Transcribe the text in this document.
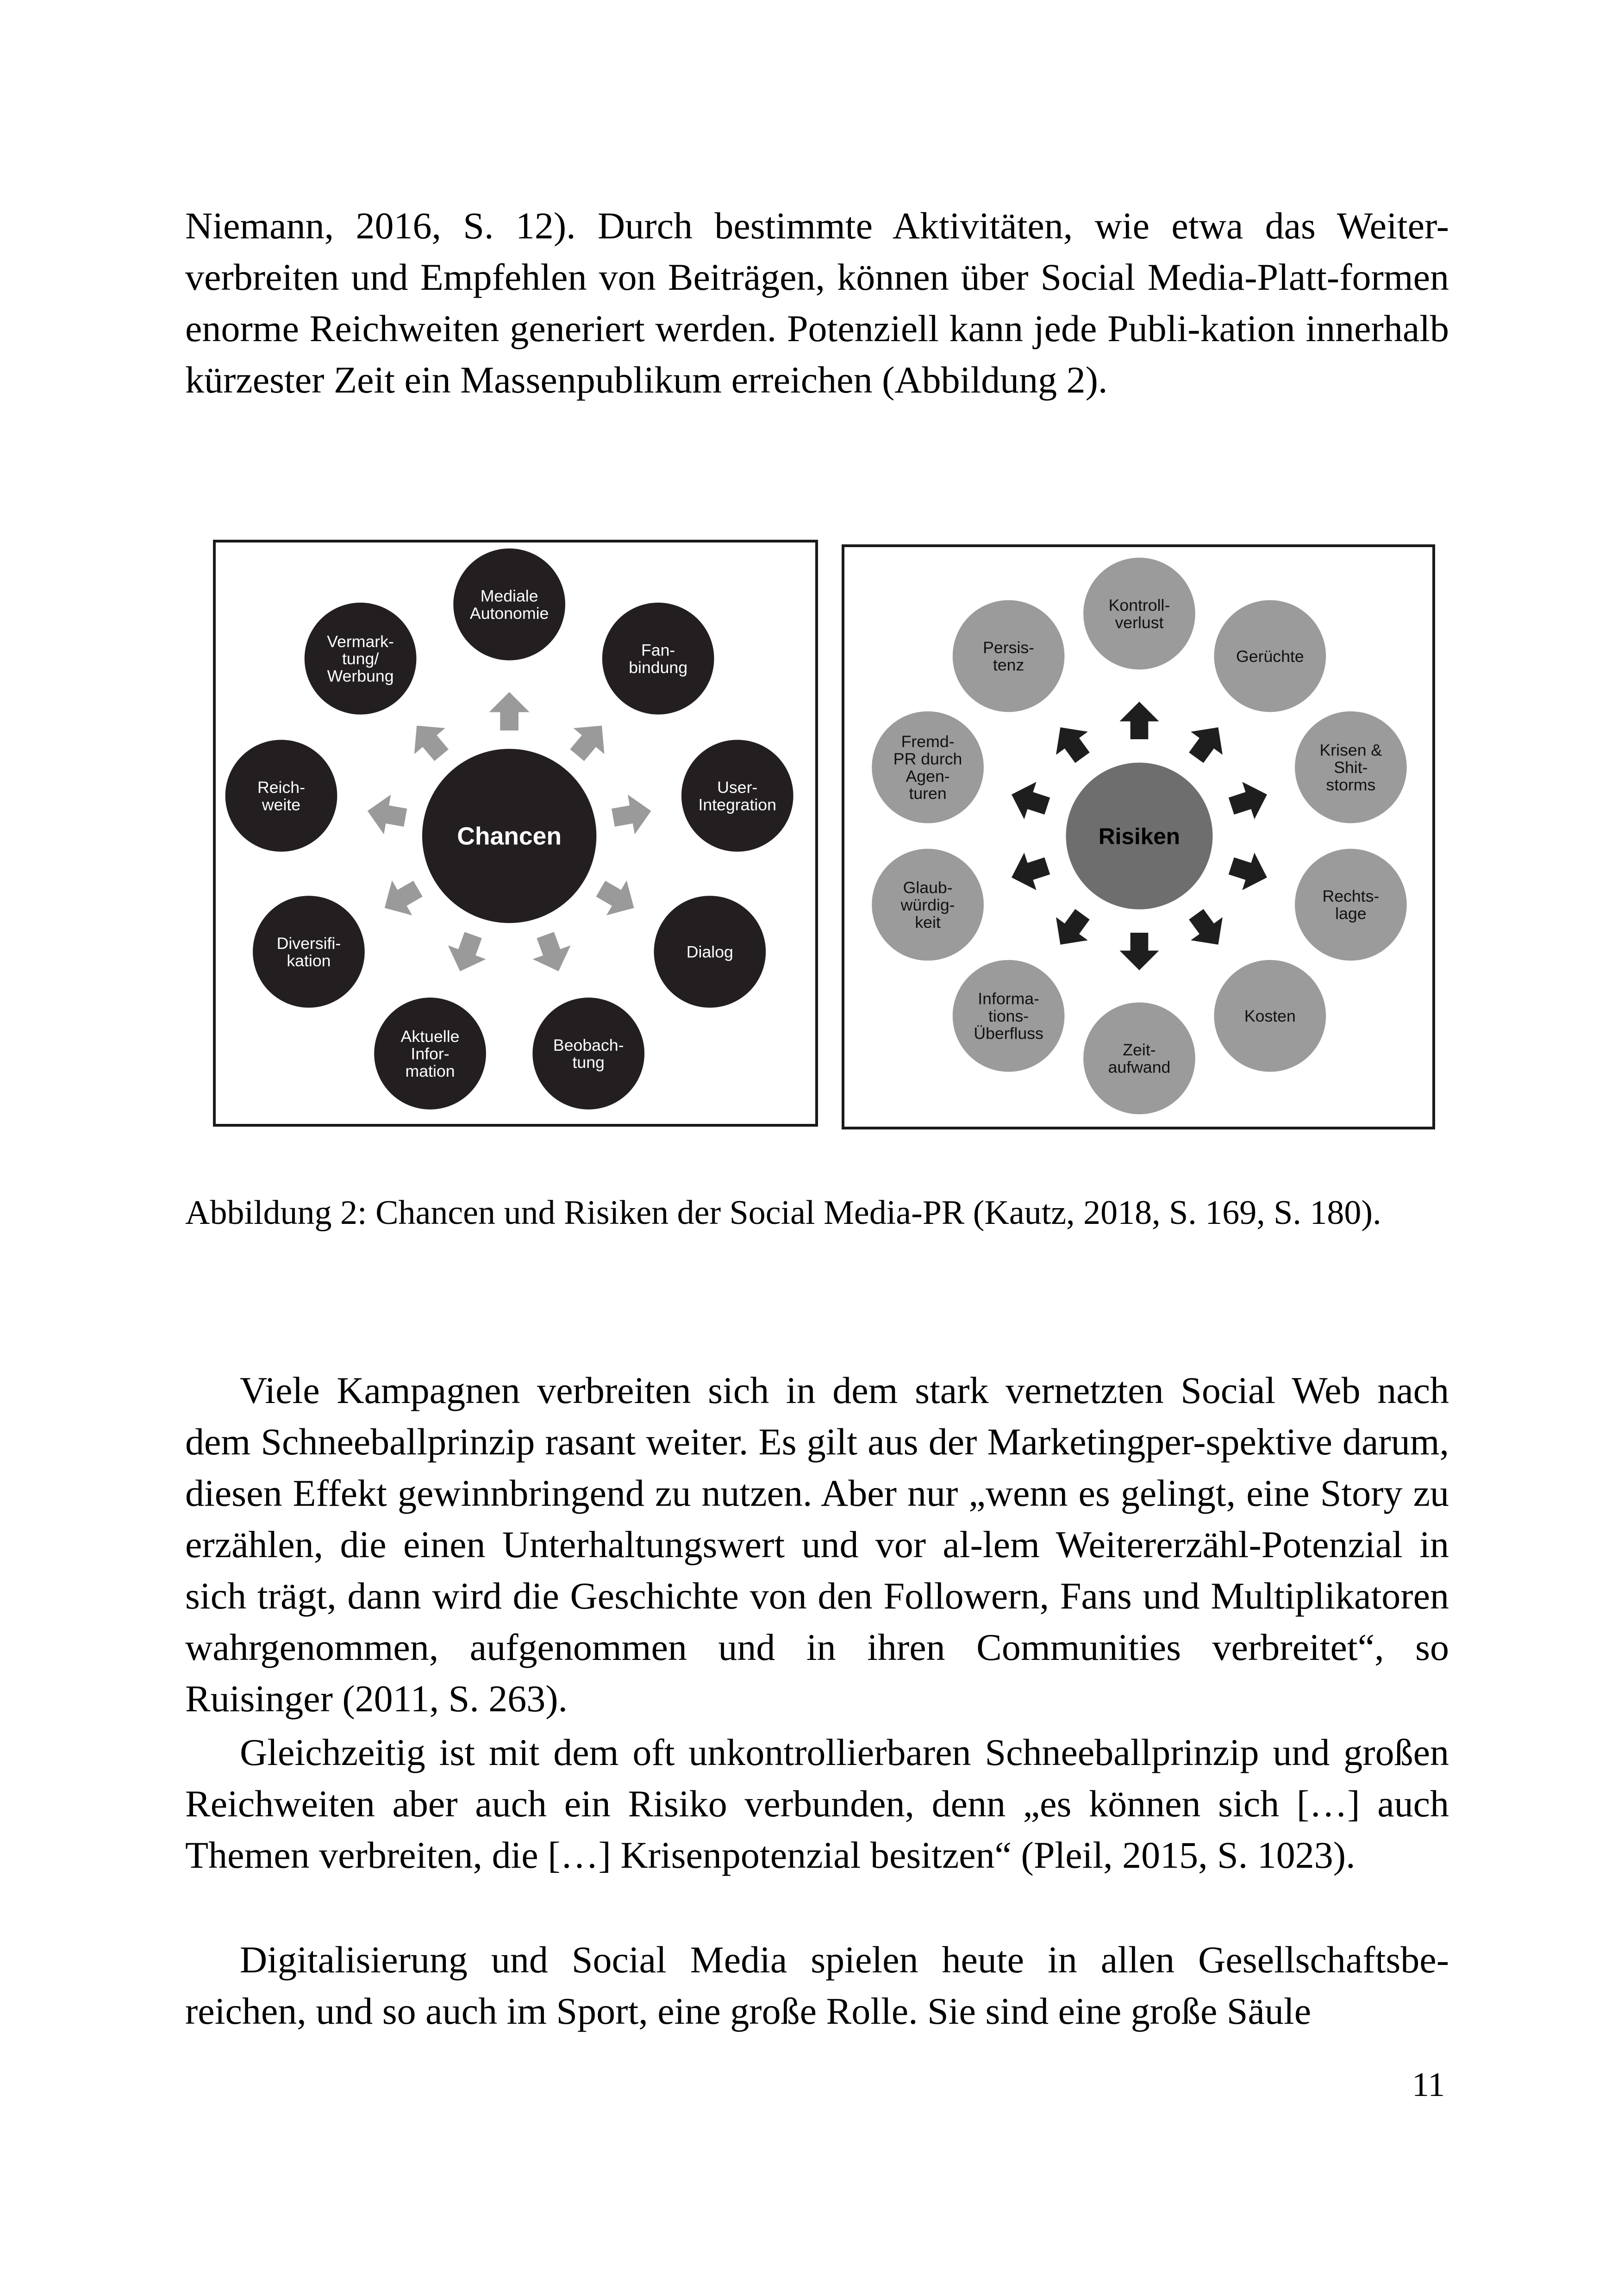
Niemann, 2016, S. 12). Durch bestimmte Aktivitäten, wie etwa das Weiter-verbreiten und Empfehlen von Beiträgen, können über Social Media-Platt-formen enorme Reichweiten generiert werden. Potenziell kann jede Publi-kation innerhalb kürzester Zeit ein Massenpublikum erreichen (Abbildung 2).

Chancen
Mediale Autonomie
Fan-bindung
User-Integration
Dialog
Beobach-tung
Aktuelle Infor-mation
Diversifi-kation
Reich-weite
Vermark-tung/ Werbung
Risiken
Kontroll-verlust
Gerüchte
Krisen & Shit-storms
Rechts-lage
Kosten
Zeit-aufwand
Informa-tions-Überfluss
Glaub-würdig-keit
Fremd-PR durch Agen-turen
Persis-tenz

Abbildung 2: Chancen und Risiken der Social Media-PR (Kautz, 2018, S. 169, S. 180).

Viele Kampagnen verbreiten sich in dem stark vernetzten Social Web nach dem Schneeballprinzip rasant weiter. Es gilt aus der Marketingper-spektive darum, diesen Effekt gewinnbringend zu nutzen. Aber nur „wenn es gelingt, eine Story zu erzählen, die einen Unterhaltungswert und vor al-lem Weitererzähl-Potenzial in sich trägt, dann wird die Geschichte von den Followern, Fans und Multiplikatoren wahrgenommen, aufgenommen und in ihren Communities verbreitet“, so Ruisinger (2011, S. 263).

Gleichzeitig ist mit dem oft unkontrollierbaren Schneeballprinzip und großen Reichweiten aber auch ein Risiko verbunden, denn „es können sich […] auch Themen verbreiten, die […] Krisenpotenzial besitzen“ (Pleil, 2015, S. 1023).

Digitalisierung und Social Media spielen heute in allen Gesellschaftsbe-reichen, und so auch im Sport, eine große Rolle. Sie sind eine große Säule

11
